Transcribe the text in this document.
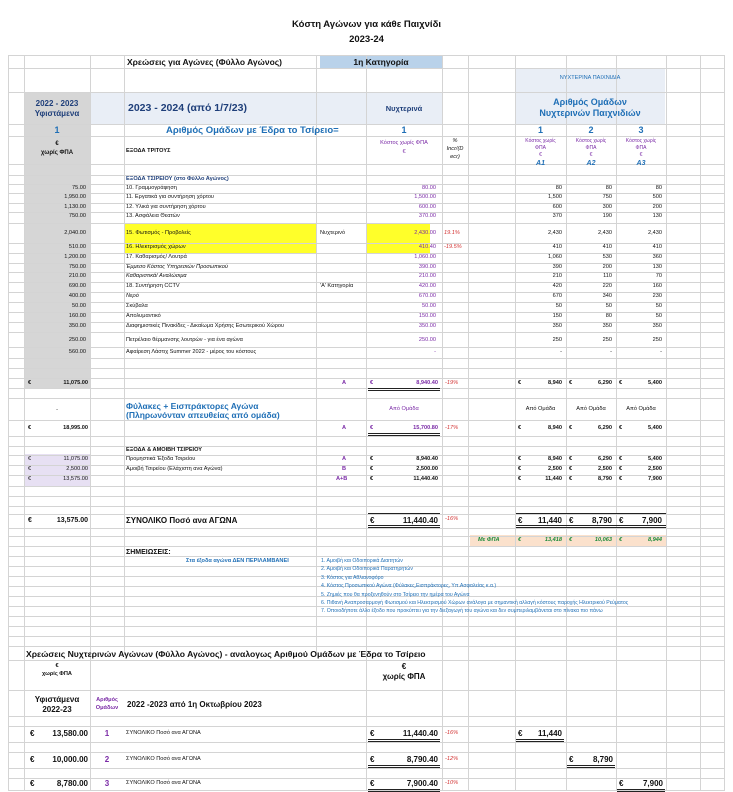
Κόστη Αγώνων για κάθε Παιχνίδι
2023-24
Χρεώσεις για Αγώνες (Φύλλο Αγώνος)	1η Κατηγορία
ΝΥΧΤΕΡΙΝΑ ΠΑΙΧΝΙΔΙΑ
2022 - 2023
Υφιστάμενα	2023 - 2024 (από 1/7/23)	Νυχτερινά
Αριθμός Ομάδων
Νυχτερινών Παιχνιδιών
1	Αριθμός Ομάδων με Έδρα το Τσίρειο=	1	1	2	3
€
χωρίς ΦΠΑ	ΕΞΟΔΑ ΤΡΙΤΟΥΣ
Κόστος χωρίς ΦΠΑ
€
%
Incr/(D
ecr)
Κόστος χωρίς
ΦΠΑ
€
Κόστος χωρίς
ΦΠΑ
€
Κόστος χωρίς
ΦΠΑ
€
A1	A2	A3
ΕΞΟΔΑ ΤΣΙΡΕΙΟΥ (στο Φύλλο Αγώνος)
75.00	10. Γραμμογράφηση	80.00	80	80	80
1,950.00	11. Εργατικά για συντήρηση χόρτου	1,500.00	1,500	750	500
1,130.00	12. Υλικά για συντήρηση χόρτου	600.00	600	300	200
750.00	13. Ασφάλεια Θεατών	370.00	370	190	130
2,040.00	15. Φωτισμός - Προβολείς	Νυχτερινό	2,430.00 19.1%	2,430	2,430	2,430
510.00	16. Ηλεκτρισμός χώρων	410.40 -19.5%	410	410	410
1,200.00	17. Καθαρισμός/ Λουτρά	1,060.00	1,060	530	360
750.00	Έμμεσο Κόστος Υπηρεσιών Προσωπικού	390.00	390	200	130
210.00	Καθαριστικά/ Αναλώσιμα	210.00	210	110	70
690.00	18. Συντήρηση CCTV	'Α' Κατηγορία	420.00	420	220	160
400.00	Νερό	670.00	670	340	230
50.00	Σκύβαλα	50.00	50	50	50
160.00	Απολυμαντικό	150.00	150	80	50
350.00	Διαφημιστικές Πινακίδες - Δικαίωμα Χρήσης Εσωτερικού Χώρου	350.00	350	350	350
250.00	Πετρέλαιο θέρμανσης λουτρών - για ένα αγώνα	250.00	250	250	250
560.00	Αφαίρεση Λάστιχ Summer 2022 - μέρος του κόστους	-	-	-	-
€	11,075.00	A	€	8,940.40 -19%	€	8,940 €	6,290 €	5,400
-	Φύλακες + Εισπράκτορες Αγώνα
(Πληρωνόνταν απευθείας από ομάδα)
Από Ομάδα	Από Ομάδα	Από Ομάδα	Από Ομάδα
€	18,995.00	A	€	15,700.80 -17%	€	8,940 €	6,290 €	5,400
ΕΞΟΔΑ & ΑΜΟΙΒΗ ΤΣΙΡΕΙΟΥ
€	11,075.00	Προμηστικά Έξοδα Τσιρείου	A	€	8,940.40	€	8,940 €	6,290 €	5,400
€	2,500.00	Αμοιβή Τσιρείου (Ελάχιστη ανα Αγώνα)	B	€	2,500.00	€	2,500 €	2,500 €	2,500
€	13,575.00	A+B	€	11,440.40	€	11,440 €	8,790 €	7,900
€	13,575.00	ΣΥΝΟΛΙΚΟ Ποσό ανα ΑΓΩΝΑ	€	11,440.40 -16%	€	11,440 €	8,790 €	7,900
Με ΦΠΑ	€	13,418 €	10,063 €	8,944
ΣΗΜΕΙΩΣΕΙΣ:
Στα έξοδα αγώνα ΔΕΝ ΠΕΡΙΛΑΜΒΑΝΕΙ	1. Αμοιβή και Οδοιπορικά Διαιτητών
2. Αμοιβή και Οδοιπορικά Παρατηρητών
3. Κόστος για Αθλιανοφόρο
4. Κόστος Προσωπικού Αγώνα (Φύλακες,Εισπράκτορες, Υπ.Ασφαλείας κ.α.)
5. Ζημιές που θα προξενηθούν στο Τσίρειο την ημέρα του Αγώνα
6. Πιθανή Αναπροσαρμογή Φωτισμού και Ηλεκτρισμού Χώρων ανάλογα με σημαντική αλλαγή κόστους παροχής Ηλεκτρικού Ρεύματος
7. Οποιοδήποτε άλλο έξοδο που προκύπτει για την διεξαγωγή του αγώνα και δεν συμπεριλαμβάνεται στο πίνακα πιο πάνω
Χρεώσεις Νυχτερινών Αγώνων (Φύλλο Αγώνος) - αναλογως Αριθμού Ομάδων με Έδρα το Τσίρειο
€
χωρίς ΦΠΑ
€
χωρίς ΦΠΑ
Υφιστάμενα
2022-23
Αριθμός
Ομάδων	2022 -2023 από 1η Οκτωβρίου 2023
€	13,580.00	1	ΣΥΝΟΛΙΚΟ Ποσό ανα ΑΓΩΝΑ	€	11,440.40 -16%	€	11,440
€	10,000.00	2	ΣΥΝΟΛΙΚΟ Ποσό ανα ΑΓΩΝΑ	€	8,790.40 -12%	€	8,790
€	8,780.00	3	ΣΥΝΟΛΙΚΟ Ποσό ανα ΑΓΩΝΑ	€	7,900.40 -10%	€	7,900
